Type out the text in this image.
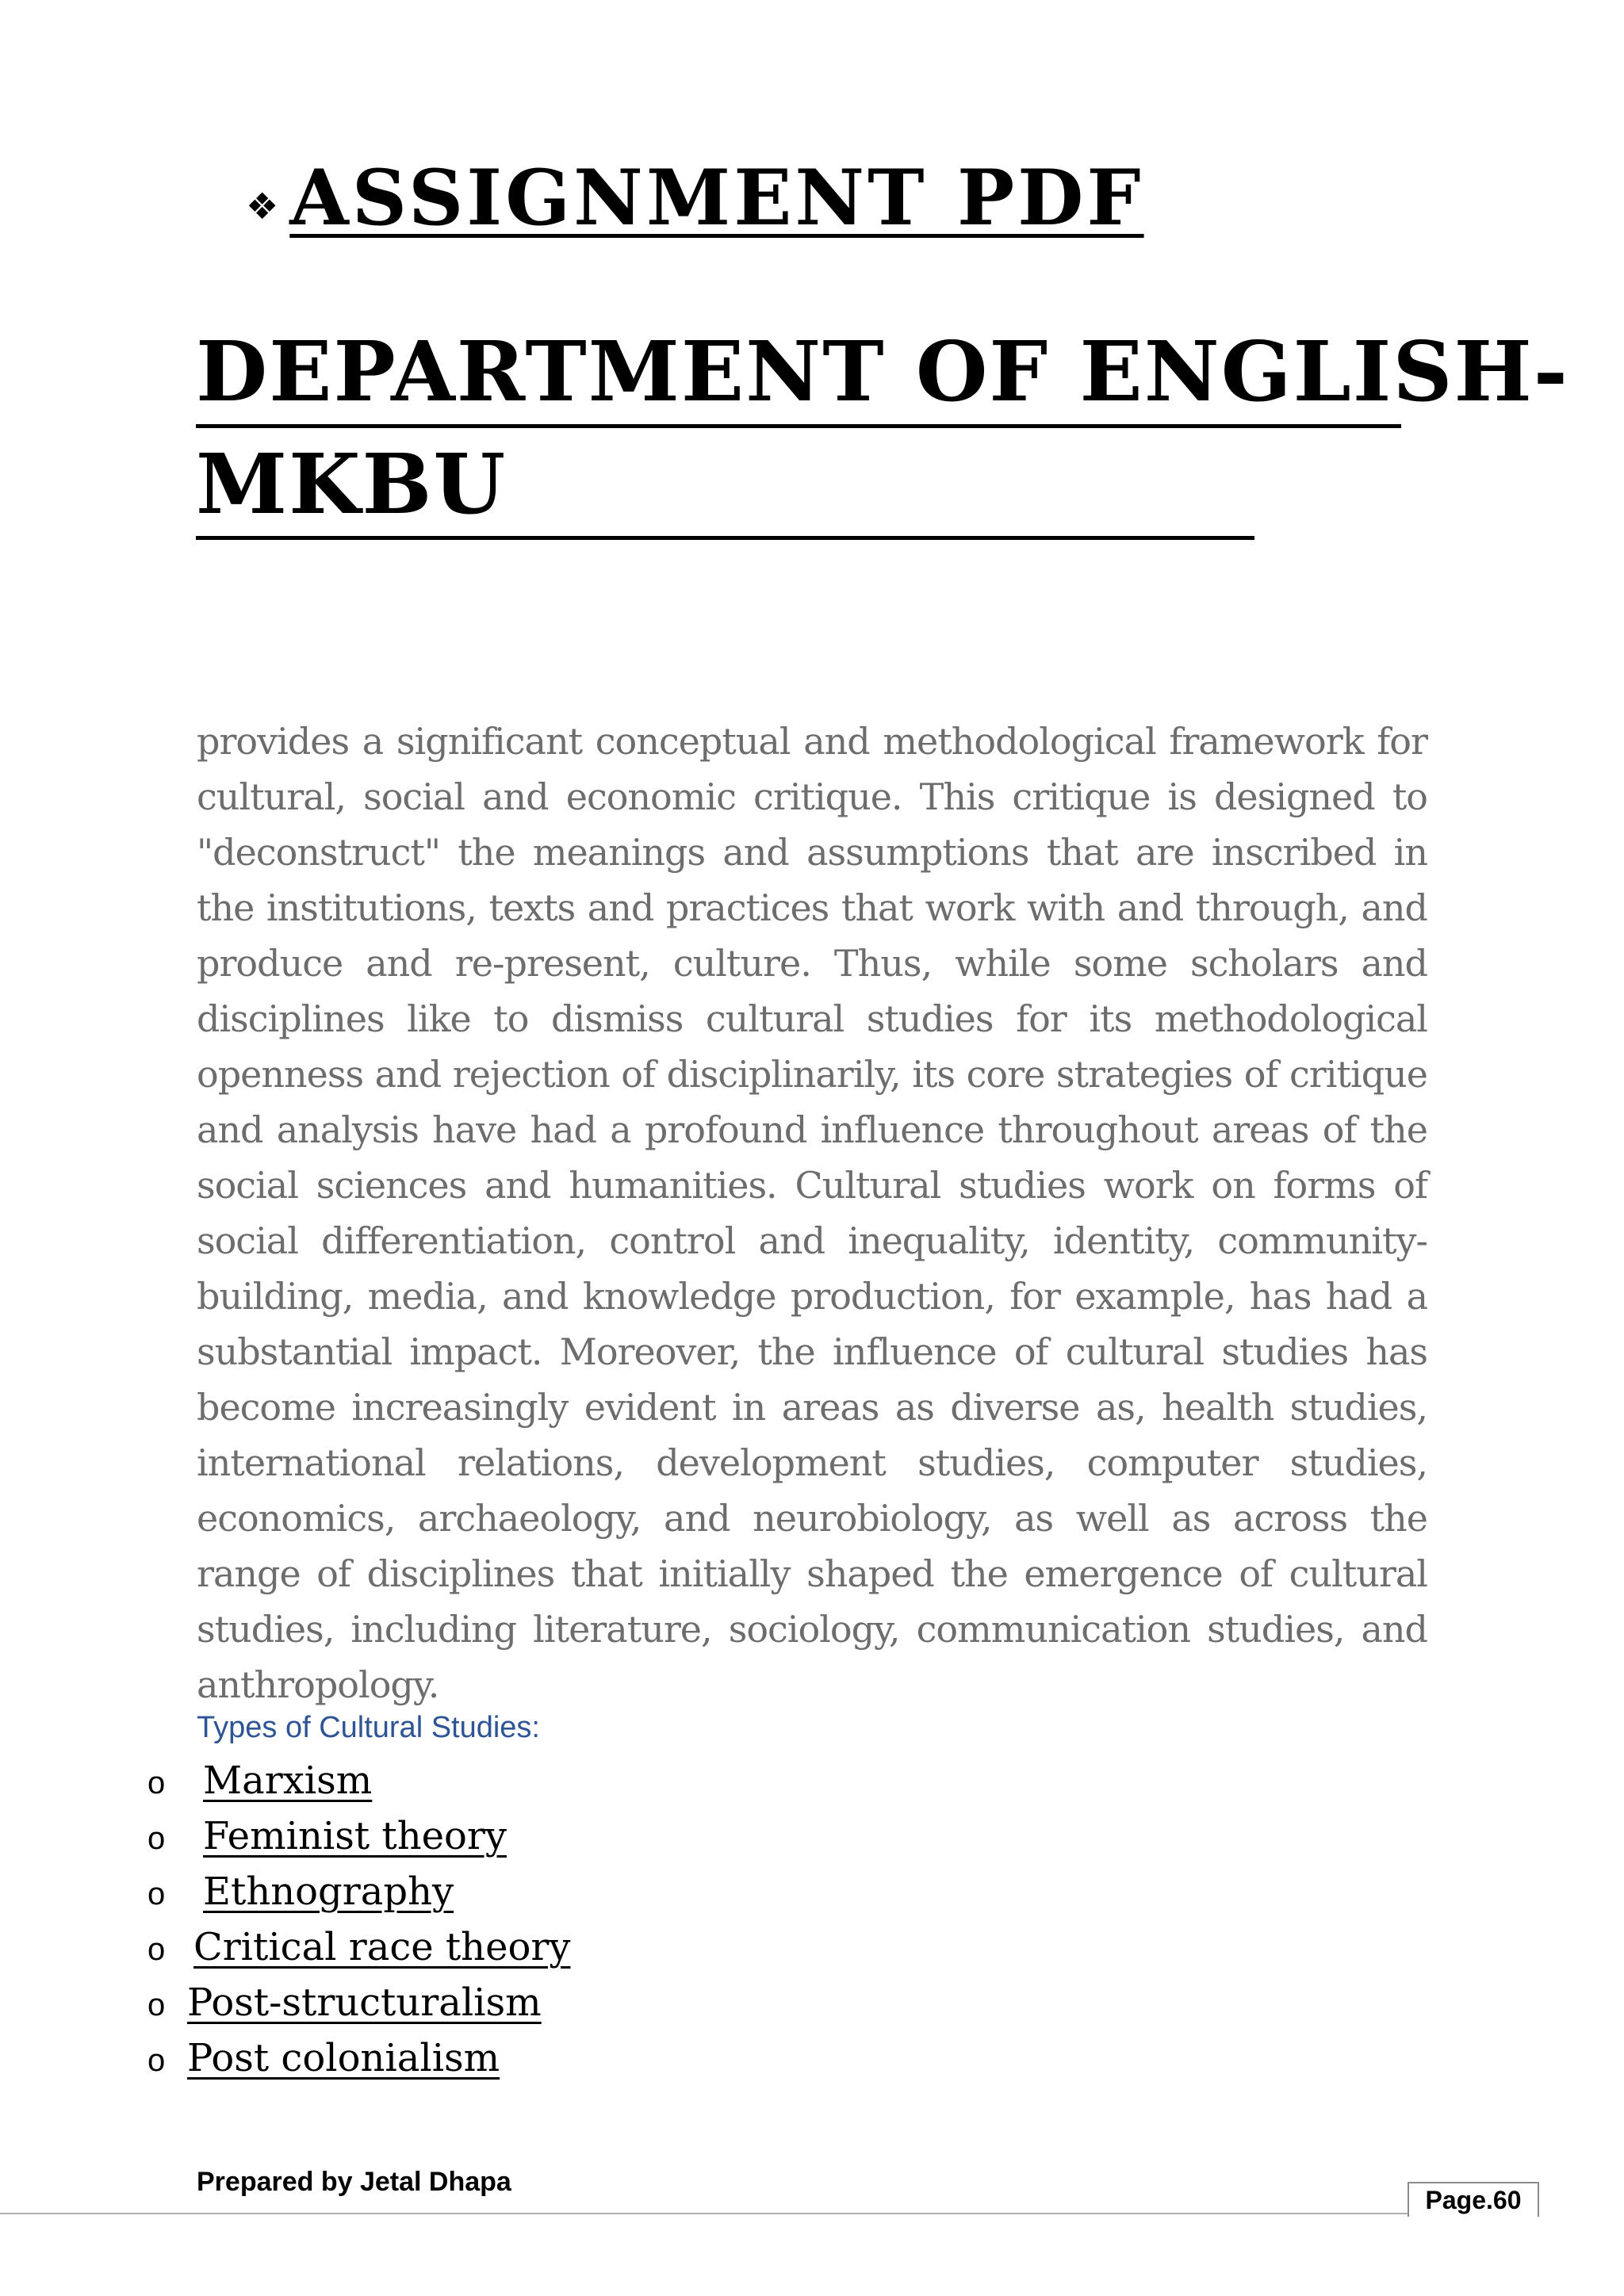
❖ ASSIGNMENT PDF
DEPARTMENT OF ENGLISH-
MKBU

provides a significant conceptual and methodological framework for cultural, social and economic critique. This critique is designed to "deconstruct" the meanings and assumptions that are inscribed in the institutions, texts and practices that work with and through, and produce and re-present, culture. Thus, while some scholars and disciplines like to dismiss cultural studies for its methodological openness and rejection of disciplinarily, its core strategies of critique and analysis have had a profound influence throughout areas of the social sciences and humanities. Cultural studies work on forms of social differentiation, control and inequality, identity, community-building, media, and knowledge production, for example, has had a substantial impact. Moreover, the influence of cultural studies has become increasingly evident in areas as diverse as, health studies, international relations, development studies, computer studies, economics, archaeology, and neurobiology, as well as across the range of disciplines that initially shaped the emergence of cultural studies, including literature, sociology, communication studies, and anthropology.

Types of Cultural Studies:
o Marxism
o Feminist theory
o Ethnography
o Critical race theory
o Post-structuralism
o Post colonialism
Prepared by Jetal Dhapa
Page.60
